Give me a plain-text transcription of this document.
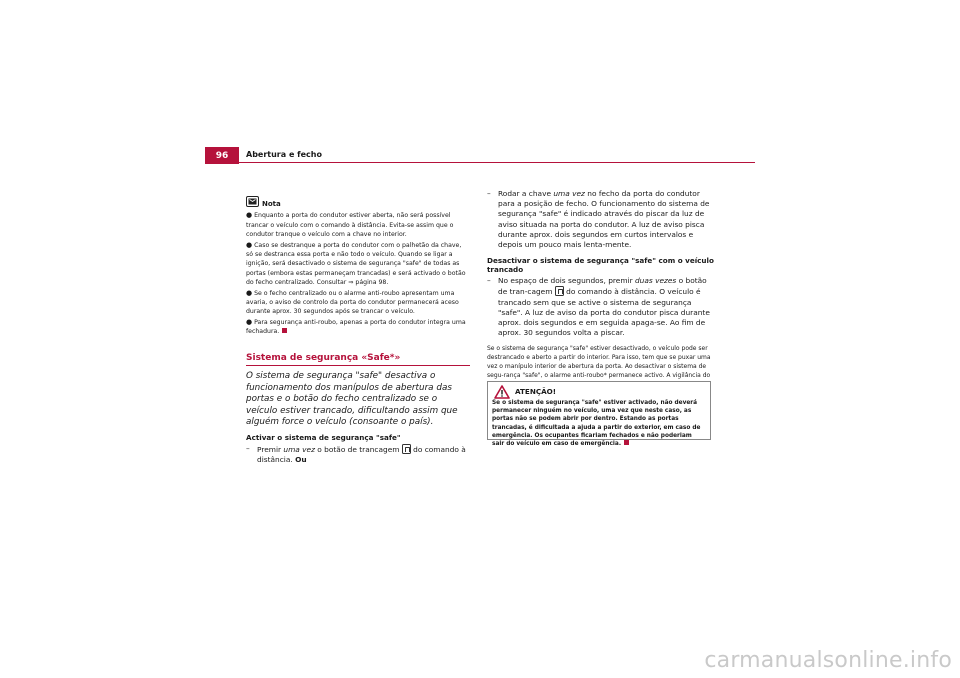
96	Abertura e fecho
Nota
● Enquanto a porta do condutor estiver aberta, não será possível trancar o veículo com o comando à distância. Evita-se assim que o condutor tranque o veículo com a chave no interior.
● Caso se destranque a porta do condutor com o palhetão da chave, só se destranca essa porta e não todo o veículo. Quando se ligar a ignição, será desactivado o sistema de segurança "safe" de todas as portas (embora estas permaneçam trancadas) e será activado o botão do fecho centralizado. Consultar ⇒ página 98.
● Se o fecho centralizado ou o alarme anti-roubo apresentam uma avaria, o aviso de controlo da porta do condutor permanecerá aceso durante aprox. 30 segundos após se trancar o veículo.
● Para segurança anti-roubo, apenas a porta do condutor integra uma fechadura.
Sistema de segurança «Safe*»
O sistema de segurança "safe" desactiva o funcionamento dos manípulos de abertura das portas e o botão do fecho centralizado se o veículo estiver trancado, dificultando assim que alguém force o veículo (consoante o país).
Activar o sistema de segurança "safe"
– Premir uma vez o botão de trancagem  do comando à distância. Ou
– Rodar a chave uma vez no fecho da porta do condutor para a posição de fecho. O funcionamento do sistema de segurança "safe" é indicado através do piscar da luz de aviso situada na porta do condutor. A luz de aviso pisca durante aprox. dois segundos em curtos intervalos e depois um pouco mais lenta-mente.
Desactivar o sistema de segurança "safe" com o veículo trancado
– No espaço de dois segundos, premir duas vezes o botão de tran-cagem  do comando à distância. O veículo é trancado sem que se active o sistema de segurança "safe". A luz de aviso da porta do condutor pisca durante aprox. dois segundos e em seguida apaga-se. Ao fim de aprox. 30 segundos volta a piscar.
Se o sistema de segurança "safe" estiver desactivado, o veículo pode ser destrancado e aberto a partir do interior. Para isso, tem que se puxar uma vez o manípulo interior de abertura da porta. Ao desactivar o sistema de segu-rança "safe", o alarme anti-roubo* permanece activo. A vigilância do
ATENÇÃO!
Se o sistema de segurança "safe" estiver activado, não deverá permanecer ninguém no veículo, uma vez que neste caso, as portas não se podem abrir por dentro. Estando as portas trancadas, é dificultada a ajuda a partir do exterior, em caso de emergência. Os ocupantes ficariam fechados e não poderiam sair do veículo em caso de emergência.
carmanualsonline.info
